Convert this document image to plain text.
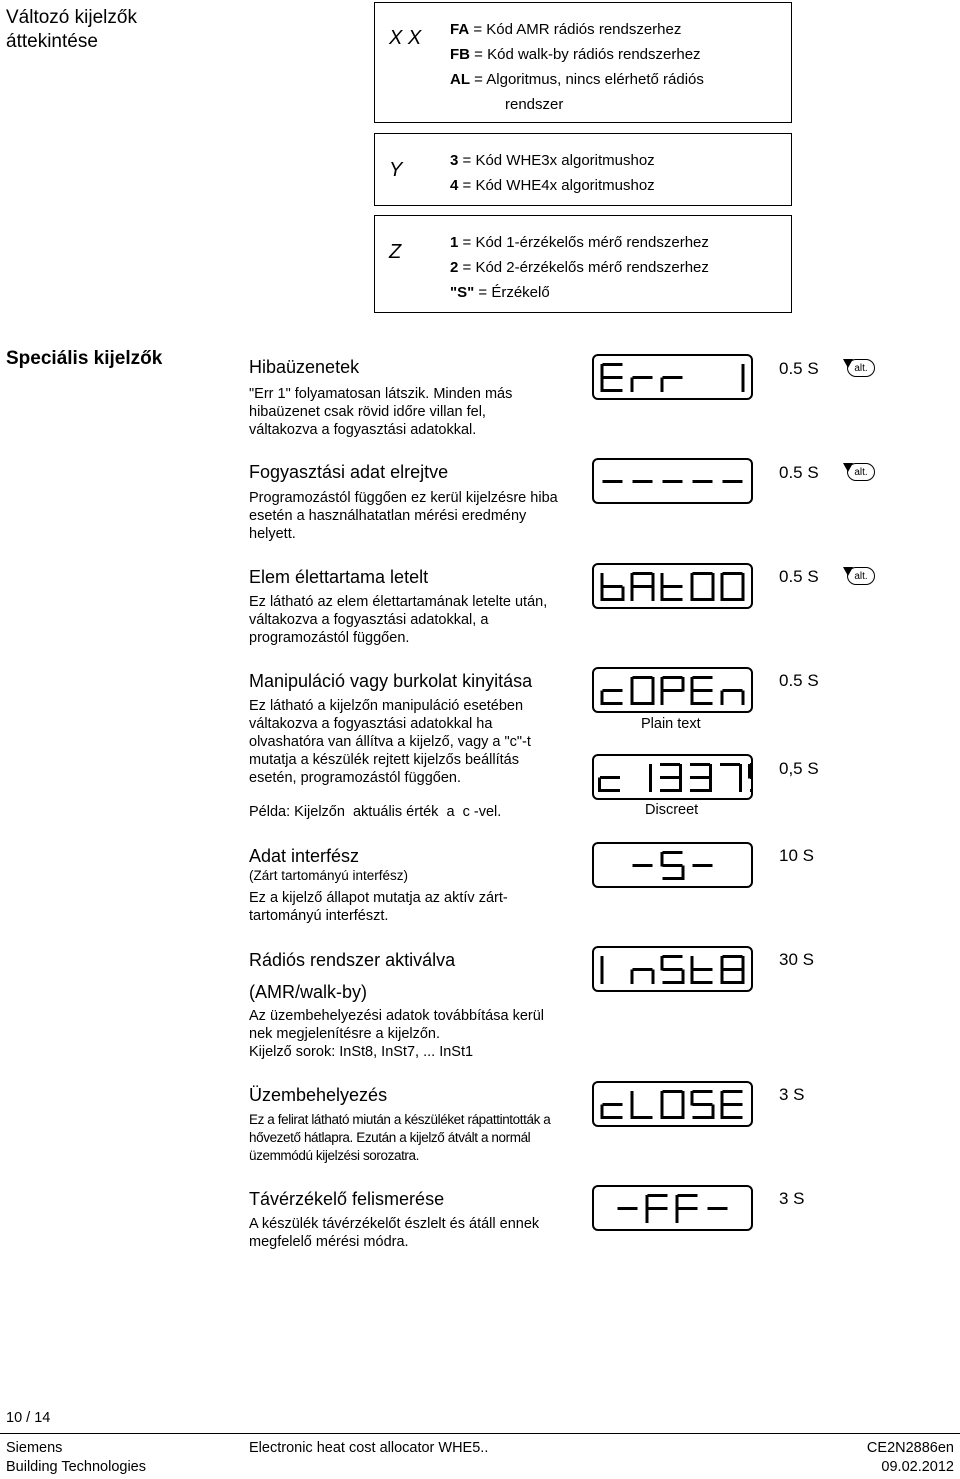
Változó kijelzők
áttekintése
Speciális kijelzők
X X FA = Kód AMR rádiós rendszerhez
FB = Kód walk-by rádiós rendszerhez
AL = Algoritmus, nincs elérhető rádiós
rendszer
Y	3 = Kód WHE3x algoritmushoz
4 = Kód WHE4x algoritmushoz
Z	1 = Kód 1-érzékelős mérő rendszerhez
2 = Kód 2-érzékelős mérő rendszerhez
"S" = Érzékelő
Hibaüzenetek
"Err 1" folyamatosan látszik. Minden más hibaüzenet csak rövid időre villan fel, váltakozva a fogyasztási adatokkal.
0.5 S	alt.
Fogyasztási adat elrejtve
Programozástól függően ez kerül kijelzésre hiba esetén a használhatatlan mérési eredmény helyett.
0.5 S	alt.
Elem élettartama letelt
Ez látható az elem élettartamának letelte után, váltakozva a fogyasztási adatokkal, a programozástól függően.
0.5 S	alt.
Manipuláció vagy burkolat kinyitása
Ez látható a kijelzőn manipuláció esetében váltakozva a fogyasztási adatokkal ha olvashatóra van állítva a kijelző, vagy a "c"-t mutatja a készülék rejtett kijelzős beállítás esetén, programozástól függően.
Példa: Kijelzőn  aktuális érték  a  c -vel.
Plain text
0.5 S
Discreet
0,5 S
Adat interfész
(Zárt tartományú interfész)
Ez a kijelző állapot mutatja az aktív zárt-tartományú interfészt.
10 S
Rádiós rendszer aktiválva
(AMR/walk-by)
Az üzembehelyezési adatok továbbítása kerül nek megjelenítésre a kijelzőn.
Kijelző sorok: InSt8, InSt7, ... InSt1
30 S
Üzembehelyezés
Ez a felirat látható miután a készüléket rápattintották a hővezető hátlapra. Ezután a kijelző átvált a normál üzemmódú kijelzési sorozatra.
3 S
Távérzékelő felismerése
A készülék távérzékelőt észlelt és átáll ennek megfelelő mérési módra.
3 S
10 / 14
Siemens
Building Technologies
Electronic heat cost allocator WHE5..	CE2N2886en
09.02.2012
